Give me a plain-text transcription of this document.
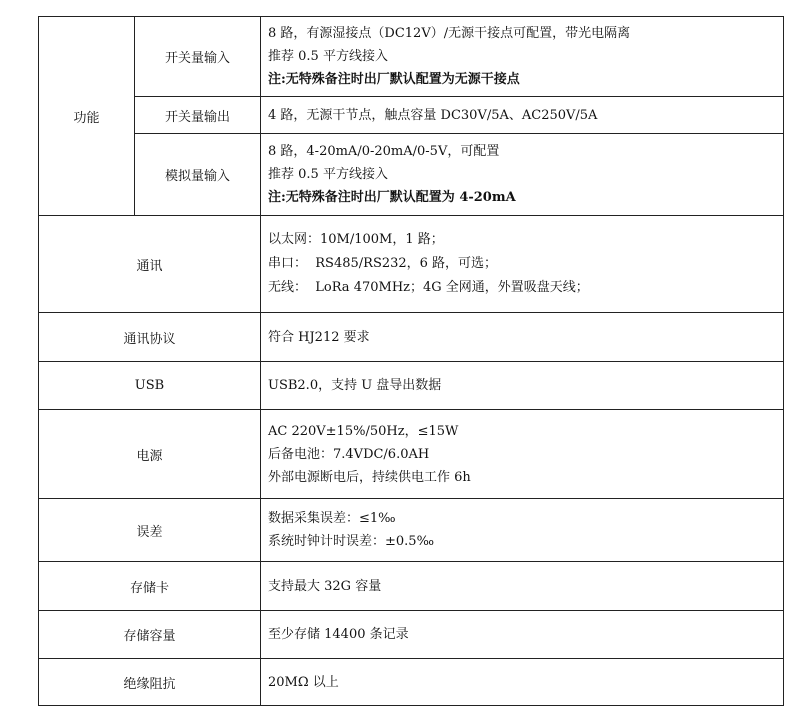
功能	开关量输入	8 路，有源湿接点（DC12V）/无源干接点可配置，带光电隔离
推荐 0.5 平方线接入
注:无特殊备注时出厂默认配置为无源干接点

	开关量输出	4 路，无源干节点，触点容量 DC30V/5A、AC250V/5A

	模拟量输入	8 路，4-20mA/0-20mA/0-5V，可配置
推荐 0.5 平方线接入
注:无特殊备注时出厂默认配置为 4-20mA

通讯		以太网：10M/100M，1 路；
串口：  RS485/RS232，6 路，可选；
无线：  LoRa 470MHz；4G 全网通，外置吸盘天线；

通讯协议		符合 HJ212 要求

USB		USB2.0，支持 U 盘导出数据

电源		AC 220V±15%/50Hz，≤15W
后备电池：7.4VDC/6.0AH
外部电源断电后，持续供电工作 6h

误差		数据采集误差：≤1‰
系统时钟计时误差：±0.5‰

存储卡		支持最大 32G 容量

存储容量		至少存储 14400 条记录

绝缘阻抗		20MΩ 以上
